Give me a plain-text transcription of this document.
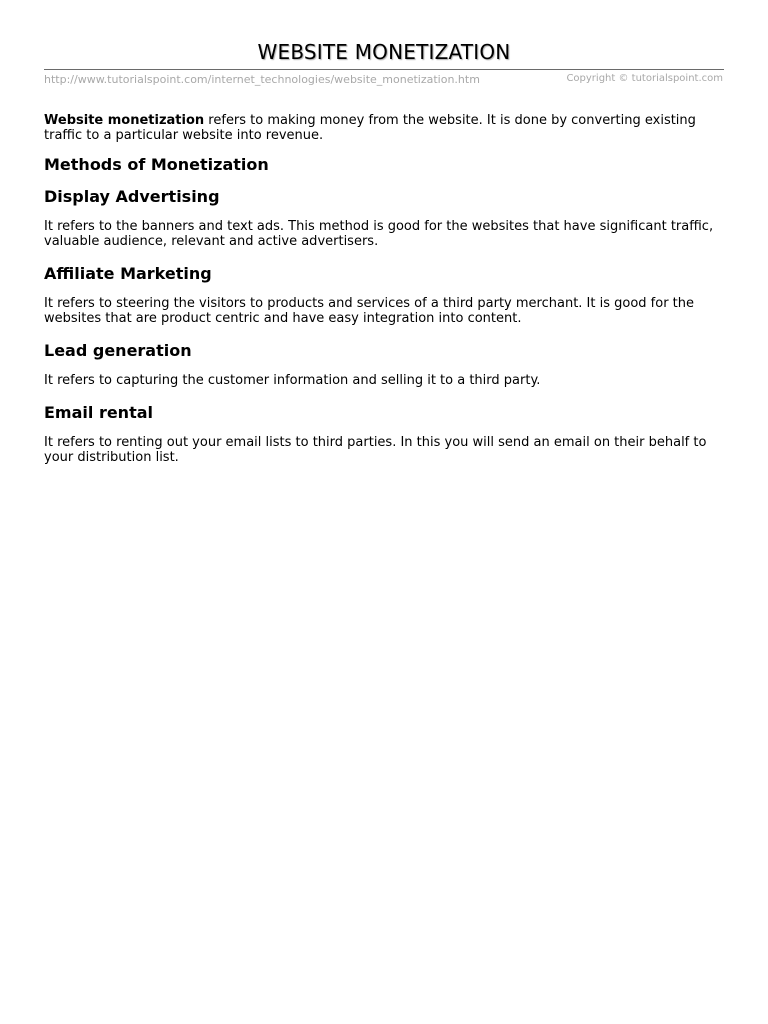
WEBSITE MONETIZATION
http://www.tutorialspoint.com/internet_technologies/website_monetization.htm	Copyright © tutorialspoint.com

Website monetization refers to making money from the website. It is done by converting existing traffic to a particular website into revenue.

Methods of Monetization
Display Advertising

It refers to the banners and text ads. This method is good for the websites that have significant traffic, valuable audience, relevant and active advertisers.

Affiliate Marketing

It refers to steering the visitors to products and services of a third party merchant. It is good for the websites that are product centric and have easy integration into content.

Lead generation

It refers to capturing the customer information and selling it to a third party.

Email rental

It refers to renting out your email lists to third parties. In this you will send an email on their behalf to your distribution list.
